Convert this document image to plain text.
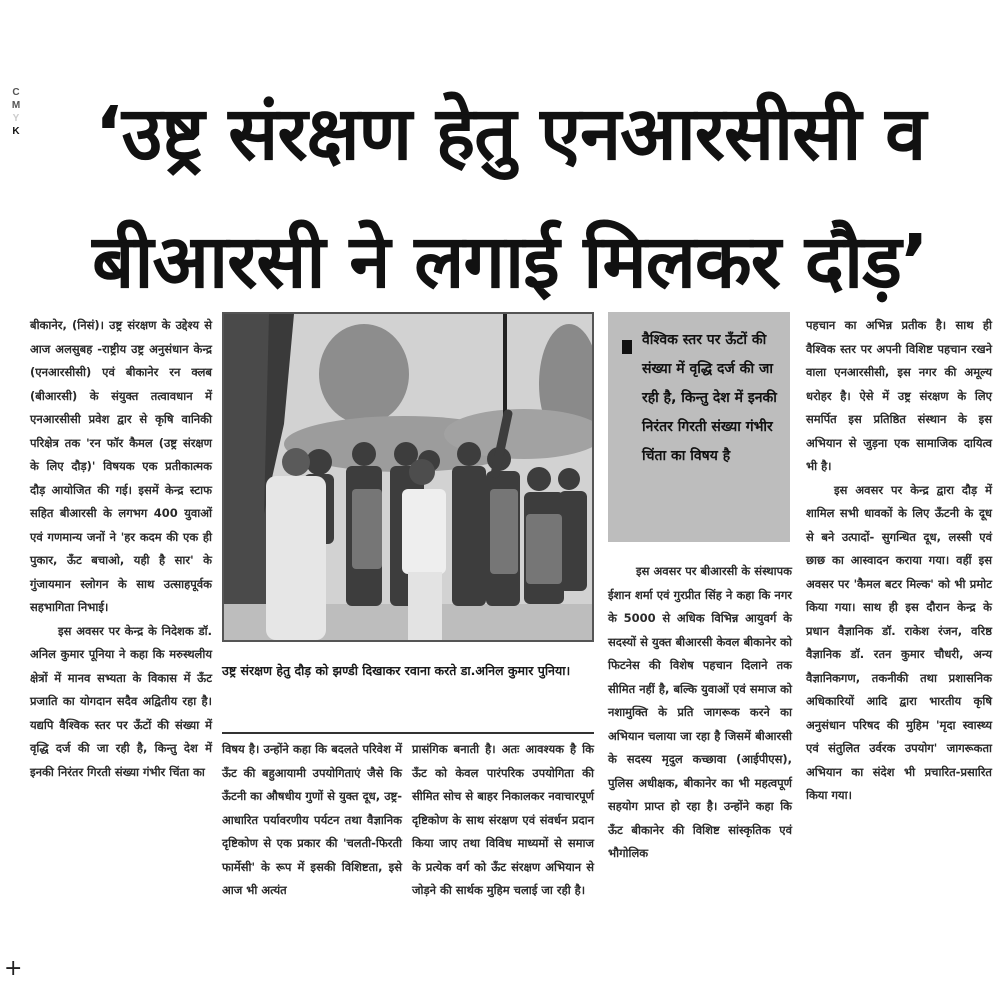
C
M
Y
K	‘उष्ट्र संरक्षण हेतु एनआरसीसी व
बीआरसी ने लगाई मिलकर दौड़’

बीकानेर, (निसं)। उष्ट्र संरक्षण के उद्देश्य से आज अलसुबह -राष्ट्रीय उष्ट्र अनुसंधान केन्द्र (एनआरसीसी) एवं बीकानेर रन क्लब (बीआरसी) के संयुक्त तत्वावधान में एनआरसीसी प्रवेश द्वार से कृषि वानिकी परिक्षेत्र तक 'रन फॉर कैमल (उष्ट्र संरक्षण के लिए दौड़)' विषयक एक प्रतीकात्मक दौड़ आयोजित की गई। इसमें केन्द्र स्टाफ सहित बीआरसी के लगभग 400 युवाओं एवं गणमान्य जनों ने 'हर कदम की एक ही पुकार, ऊँट बचाओ, यही है सार' के गुंजायमान स्लोगन के साथ उत्साहपूर्वक सहभागिता निभाई।

इस अवसर पर केन्द्र के निदेशक डॉ. अनिल कुमार पूनिया ने कहा कि मरुस्थलीय क्षेत्रों में मानव सभ्यता के विकास में ऊँट प्रजाति का योगदान सदैव अद्वितीय रहा है। यद्यपि वैश्विक स्तर पर ऊँटों की संख्या में वृद्धि दर्ज की जा रही है, किन्तु देश में इनकी निरंतर गिरती संख्या गंभीर चिंता का

उष्ट्र संरक्षण हेतु दौड़ को झण्डी दिखाकर रवाना करते डा.अनिल कुमार पुनिया।

विषय है। उन्होंने कहा कि बदलते परिवेश में ऊँट की बहुआयामी उपयोगिताएं जैसे कि ऊँटनी का औषधीय गुणों से युक्त दूध, उष्ट्र-आधारित पर्यावरणीय पर्यटन तथा वैज्ञानिक दृष्टिकोण से एक प्रकार की 'चलती-फिरती फार्मेसी' के रूप में इसकी विशिष्टता, इसे आज भी अत्यंत

प्रासंगिक बनाती है। अतः आवश्यक है कि ऊँट को केवल पारंपरिक उपयोगिता की सीमित सोच से बाहर निकालकर नवाचारपूर्ण दृष्टिकोण के साथ संरक्षण एवं संवर्धन प्रदान किया जाए तथा विविध माध्यमों से समाज के प्रत्येक वर्ग को ऊँट संरक्षण अभियान से जोड़ने की सार्थक मुहिम चलाई जा रही है।

वैश्विक स्तर पर ऊँटों की संख्या में वृद्धि दर्ज की जा रही है, किन्तु देश में इनकी निरंतर गिरती संख्या गंभीर चिंता का विषय है

इस अवसर पर बीआरसी के संस्थापक ईशान शर्मा एवं गुरप्रीत सिंह ने कहा कि नगर के 5000 से अधिक विभिन्न आयुवर्ग के सदस्यों से युक्त बीआरसी केवल बीकानेर को फिटनेस की विशेष पहचान दिलाने तक सीमित नहीं है, बल्कि युवाओं एवं समाज को नशामुक्ति के प्रति जागरूक करने का अभियान चलाया जा रहा है जिसमें बीआरसी के सदस्य मृदुल कच्छावा (आईपीएस), पुलिस अधीक्षक, बीकानेर का भी महत्वपूर्ण सहयोग प्राप्त हो रहा है। उन्होंने कहा कि ऊँट बीकानेर की विशिष्ट सांस्कृतिक एवं भौगोलिक

पहचान का अभिन्न प्रतीक है। साथ ही वैश्विक स्तर पर अपनी विशिष्ट पहचान रखने वाला एनआरसीसी, इस नगर की अमूल्य धरोहर है। ऐसे में उष्ट्र संरक्षण के लिए समर्पित इस प्रतिष्ठित संस्थान के इस अभियान से जुड़ना एक सामाजिक दायित्व भी है।

इस अवसर पर केन्द्र द्वारा दौड़ में शामिल सभी धावकों के लिए ऊँटनी के दूध से बने उत्पादों- सुगन्धित दूध, लस्सी एवं छाछ का आस्वादन कराया गया। वहीं इस अवसर पर 'कैमल बटर मिल्क' को भी प्रमोट किया गया। साथ ही इस दौरान केन्द्र के प्रधान वैज्ञानिक डॉ. राकेश रंजन, वरिष्ठ वैज्ञानिक डॉ. रतन कुमार चौधरी, अन्य वैज्ञानिकगण, तकनीकी तथा प्रशासनिक अधिकारियों आदि द्वारा भारतीय कृषि अनुसंधान परिषद की मुहिम 'मृदा स्वास्थ्य एवं संतुलित उर्वरक उपयोग' जागरूकता अभियान का संदेश भी प्रचारित-प्रसारित किया गया।

+
